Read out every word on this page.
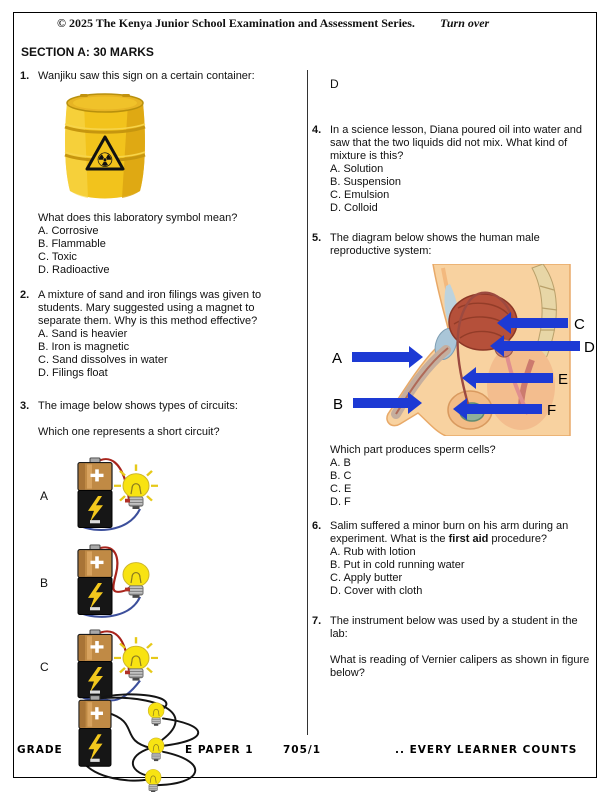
© 2025 The Kenya Junior School Examination and Assessment Series. Turn over
SECTION A: 30 MARKS
1. Wanjiku saw this sign on a certain container:
☢
What does this laboratory symbol mean?
A. Corrosive
B. Flammable
C. Toxic
D. Radioactive
2. A mixture of sand and iron filings was given to students. Mary suggested using a magnet to separate them. Why is this method effective?
A. Sand is heavier
B. Iron is magnetic
C. Sand dissolves in water
D. Filings float
3. The image below shows types of circuits:
Which one represents a short circuit?
A
B
C
D
4. In a science lesson, Diana poured oil into water and saw that the two liquids did not mix. What kind of mixture is this?
A. Solution
B. Suspension
C. Emulsion
D. Colloid
5. The diagram below shows the human male reproductive system:
A
B
C
D
E
F
Which part produces sperm cells?
A. B
B. C
C. E
D. F
6. Salim suffered a minor burn on his arm during an experiment. What is the first aid procedure?
A. Rub with lotion
B. Put in cold running water
C. Apply butter
D. Cover with cloth
7. The instrument below was used by a student in the lab:
What is reading of Vernier calipers as shown in figure below?
GRADE	E PAPER 1	705/1	.. EVERY LEARNER COUNTS
